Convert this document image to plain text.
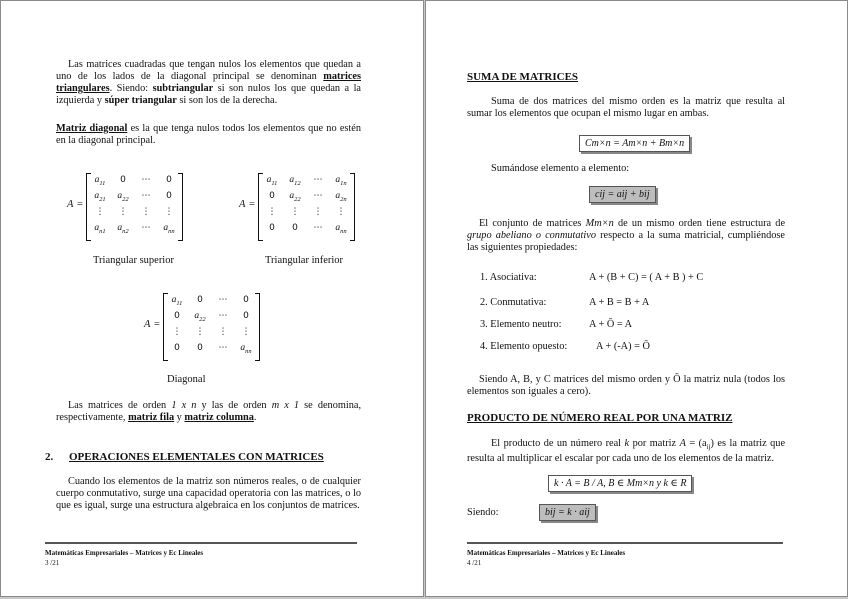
Las matrices cuadradas que tengan nulos los elementos que quedan a uno de los lados de la diagonal principal se denominan matrices triangulares. Siendo: subtriangular si son nulos los que quedan a la izquierda y súper triangular si son los de la derecha.
Matriz diagonal es la que tenga nulos todos los elementos que no estén en la diagonal principal.
A =
$a_{11}$	0	⋯	0
$a_{21}$	$a_{22}$	⋯	0
⋮	⋮	⋮	⋮
$a_{n1}$	$a_{n2}$	⋯	$a_{nn}$
A =
$a_{11}$	$a_{12}$	⋯	$a_{1n}$
0	$a_{22}$	⋯	$a_{2n}$
⋮	⋮	⋮	⋮
0	0	⋯	$a_{nn}$
Triangular superior	Triangular inferior
A =
$a_{11}$	0	⋯	0
0	$a_{22}$	⋯	0
⋮	⋮	⋮	⋮
0	0	⋯	$a_{nn}$
Diagonal
Las matrices de orden 1 x n y las de orden m x 1 se denomina, respectivamente, matriz fila y matriz columna.
2. OPERACIONES ELEMENTALES CON MATRICES
Cuando los elementos de la matriz son números reales, o de cualquier cuerpo conmutativo, surge una capacidad operatoria con las matrices, o lo que es igual, surge una estructura algebraica en los conjuntos de matrices.
Matemáticas Empresariales – Matrices y Ec Lineales
3 /21
SUMA DE MATRICES
Suma de dos matrices del mismo orden es la matriz que resulta al sumar los elementos que ocupan el mismo lugar en ambas.
Cm×n = Am×n + Bm×n
Sumándose elemento a elemento:
cij = aij + bij
El conjunto de matrices Mm×n de un mismo orden tiene estructura de grupo abeliano o conmutativo respecto a la suma matricial, cumpliéndose las siguientes propiedades:
1. Asociativa:	A + (B + C) = ( A + B ) + C
2. Conmutativa:	A + B = B + A
3. Elemento neutro:	A + Ō = A
4. Elemento opuesto:	A + (-A) = Ō
Siendo A, B, y C matrices del mismo orden y Ō la matriz nula (todos los elementos son iguales a cero).
PRODUCTO DE NÚMERO REAL POR UNA MATRIZ
El producto de un número real k por matriz $A = (a_{ij})$ es la matriz que resulta al multiplicar el escalar por cada uno de los elementos de la matriz.
k · A = B / A, B ∈ Mm×n y k ∈ R
Siendo:	bij = k · aij
Matemáticas Empresariales – Matrices y Ec Lineales
4 /21
